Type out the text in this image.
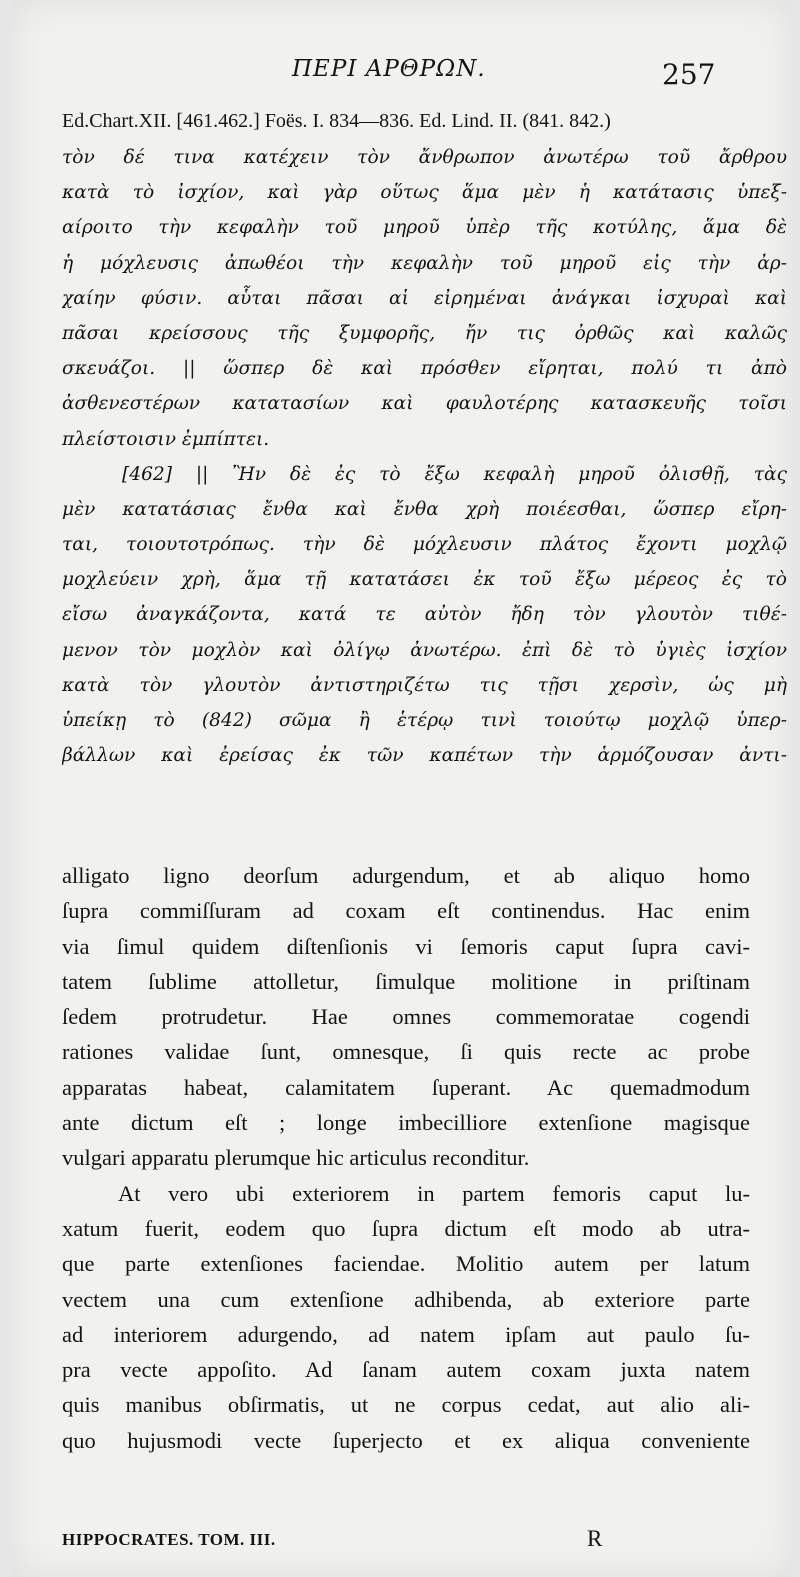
ΠΕΡΙ ΑΡΘΡΩΝ.	257
Ed.Chart.XII. [461.462.] Foës. I. 834—836. Ed. Lind. II. (841. 842.)
τὸν δέ τινα κατέχειν τὸν ἄνθρωπον ἀνωτέρω τοῦ ἄρθρου
κατὰ τὸ ἰσχίον, καὶ γὰρ οὕτως ἅμα μὲν ἡ κατάτασις ὑπεξ-
αίροιτο τὴν κεφαλὴν τοῦ μηροῦ ὑπὲρ τῆς κοτύλης, ἅμα δὲ
ἡ μόχλευσις ἀπωθέοι τὴν κεφαλὴν τοῦ μηροῦ εἰς τὴν ἀρ-
χαίην φύσιν. αὗται πᾶσαι αἱ εἰρημέναι ἀνάγκαι ἰσχυραὶ καὶ
πᾶσαι κρείσσους τῆς ξυμφορῆς, ἤν τις ὀρθῶς καὶ καλῶς
σκευάζοι. || ὥσπερ δὲ καὶ πρόσθεν εἴρηται, πολύ τι ἀπὸ
ἀσθενεστέρων κατατασίων καὶ φαυλοτέρης κατασκευῆς τοῖσι
πλείστοισιν ἐμπίπτει.
[462] || Ἢν δὲ ἐς τὸ ἔξω κεφαλὴ μηροῦ ὀλισθῇ, τὰς
μὲν κατατάσιας ἔνθα καὶ ἔνθα χρὴ ποιέεσθαι, ὥσπερ εἴρη-
ται, τοιουτοτρόπως. τὴν δὲ μόχλευσιν πλάτος ἔχοντι μοχλῷ
μοχλεύειν χρὴ, ἅμα τῇ κατατάσει ἐκ τοῦ ἔξω μέρεος ἐς τὸ
εἴσω ἀναγκάζοντα, κατά τε αὐτὸν ἤδη τὸν γλουτὸν τιθέ-
μενον τὸν μοχλὸν καὶ ὀλίγῳ ἀνωτέρω. ἐπὶ δὲ τὸ ὑγιὲς ἰσχίον
κατὰ τὸν γλουτὸν ἀντιστηριζέτω τις τῇσι χερσὶν, ὡς μὴ
ὑπείκῃ τὸ (842) σῶμα ἢ ἑτέρῳ τινὶ τοιούτῳ μοχλῷ ὑπερ-
βάλλων καὶ ἐρείσας ἐκ τῶν καπέτων τὴν ἁρμόζουσαν ἀντι-
alligato ligno deorſum adurgendum, et ab aliquo homo
ſupra commiſſuram ad coxam eſt continendus. Hac enim
via ſimul quidem diſtenſionis vi ſemoris caput ſupra cavi-
tatem ſublime attolletur, ſimulque molitione in priſtinam
ſedem protrudetur. Hae omnes commemoratae cogendi
rationes validae ſunt, omnesque, ſi quis recte ac probe
apparatas habeat, calamitatem ſuperant. Ac quemadmodum
ante dictum eſt ; longe imbecilliore extenſione magisque
vulgari apparatu plerumque hic articulus reconditur.
At vero ubi exteriorem in partem femoris caput lu-
xatum fuerit, eodem quo ſupra dictum eſt modo ab utra-
que parte extenſiones faciendae. Molitio autem per latum
vectem una cum extenſione adhibenda, ab exteriore parte
ad interiorem adurgendo, ad natem ipſam aut paulo ſu-
pra vecte appoſito. Ad ſanam autem coxam juxta natem
quis manibus obſirmatis, ut ne corpus cedat, aut alio ali-
quo hujusmodi vecte ſuperjecto et ex aliqua conveniente
HIPPOCRATES. TOM. III.	R
